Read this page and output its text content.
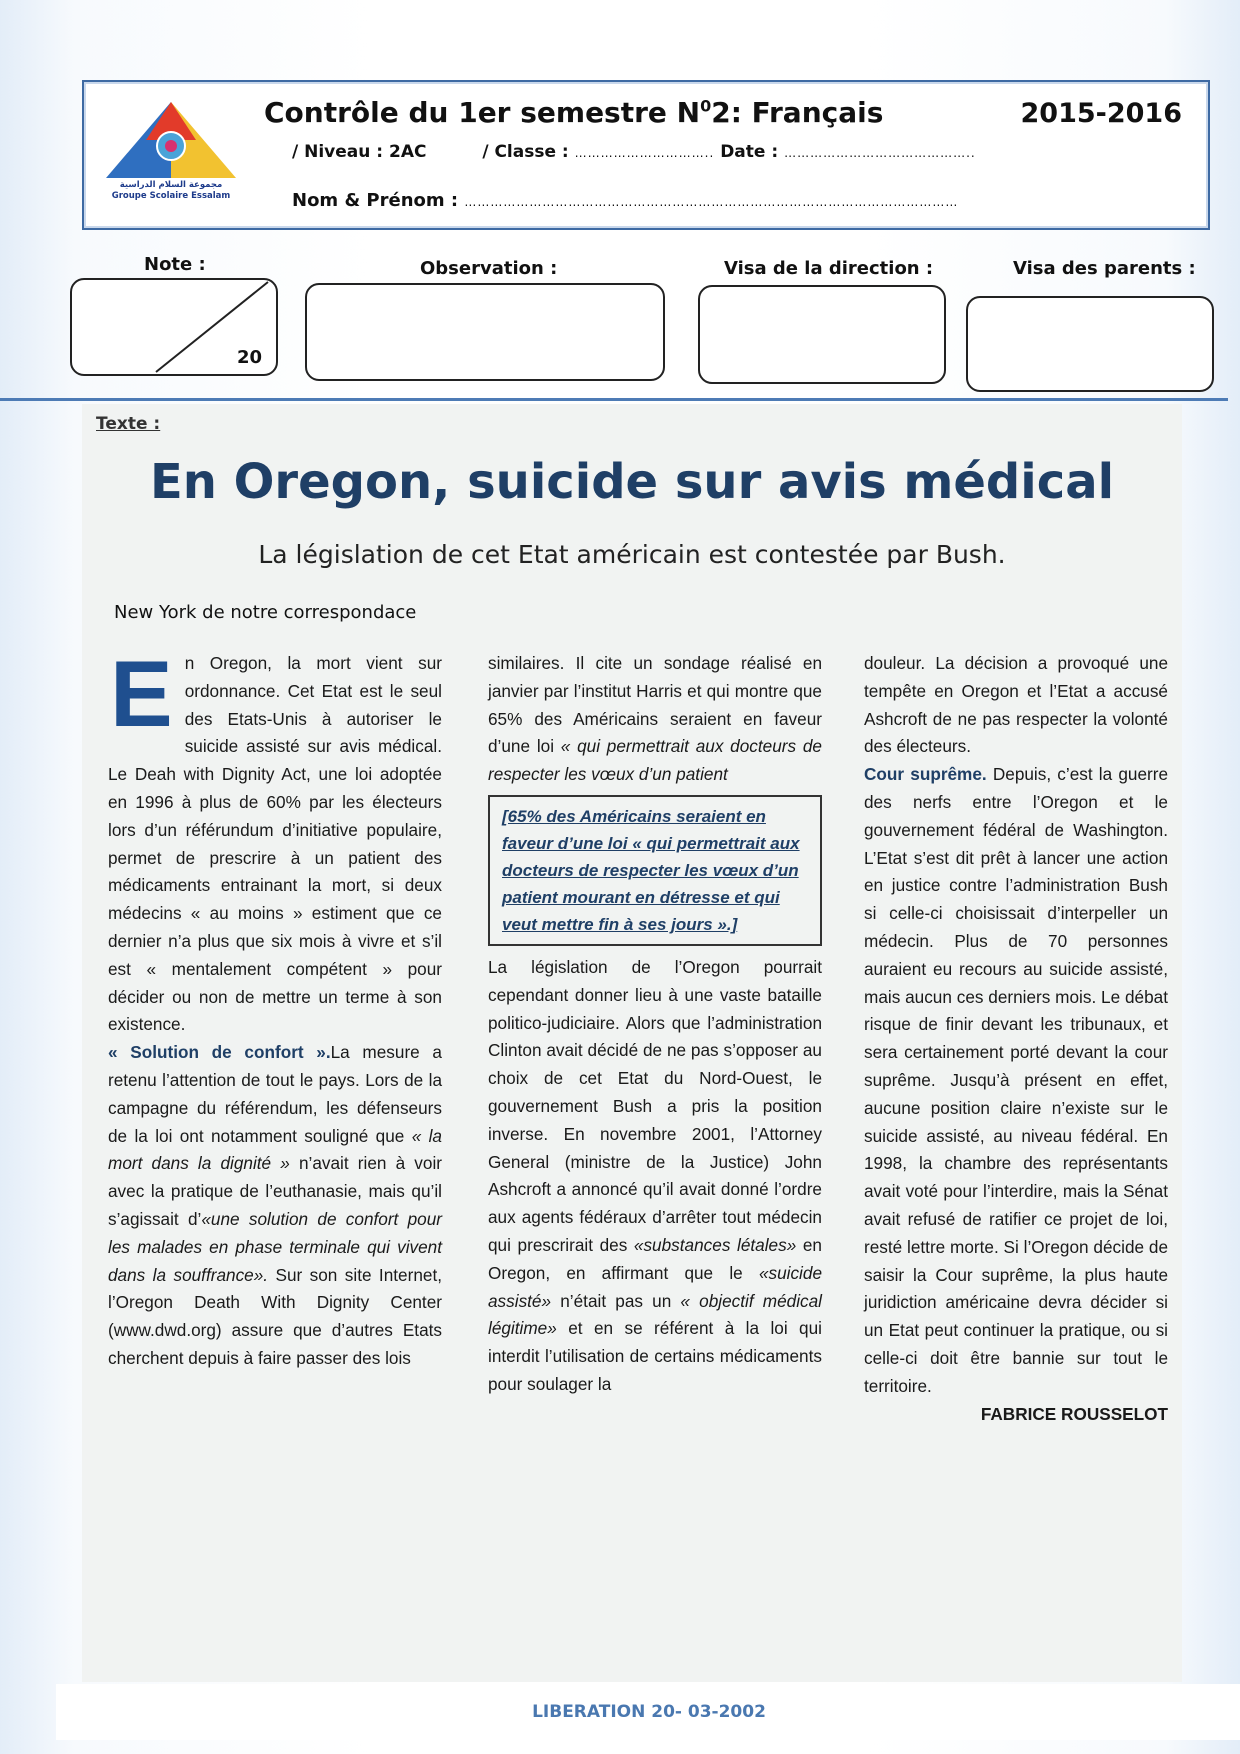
مجموعة السلام الدراسية Groupe Scolaire Essalam
Contrôle du 1er semestre $N^02$: Français	2015-2016
/ Niveau : 2AC	/ Classe : ………………………….. Date : ……………………………………..
Nom & Prénom : ……………………………………………………………………………………………………
Note :
20
Observation :	Visa de la direction :	Visa des parents :
Texte :
En Oregon, suicide sur avis médical
La législation de cet Etat américain est contestée par Bush.
New York de notre correspondace
En Oregon, la mort vient sur ordonnance. Cet Etat est le seul des Etats-Unis à autoriser le suicide assisté sur avis médical. Le Deah with Dignity Act, une loi adoptée en 1996 à plus de 60% par les électeurs lors d’un référundum d’initiative populaire, permet de prescrire à un patient des médicaments entrainant la mort, si deux médecins « au moins » estiment que ce dernier n’a plus que six mois à vivre et s’il est « mentalement compétent » pour décider ou non de mettre un terme à son existence.
« Solution de confort ».La mesure a retenu l’attention de tout le pays. Lors de la campagne du référendum, les défenseurs de la loi ont notamment souligné que « la mort dans la dignité » n’avait rien à voir avec la pratique de l’euthanasie, mais qu’il s’agissait d’«une solution de confort pour les malades en phase terminale qui vivent dans la souffrance». Sur son site Internet, l’Oregon Death With Dignity Center (www.dwd.org) assure que d’autres Etats cherchent depuis à faire passer des lois
similaires. Il cite un sondage réalisé en janvier par l’institut Harris et qui montre que 65% des Américains seraient en faveur d’une loi « qui permettrait aux docteurs de respecter les vœux d’un patient
[65% des Américains seraient en faveur d’une loi « qui permettrait aux docteurs de respecter les vœux d’un patient mourant en détresse et qui veut mettre fin à ses jours ».]
La législation de l’Oregon pourrait cependant donner lieu à une vaste bataille politico-judiciaire. Alors que l’administration Clinton avait décidé de ne pas s’opposer au choix de cet Etat du Nord-Ouest, le gouvernement Bush a pris la position inverse. En novembre 2001, l’Attorney General (ministre de la Justice) John Ashcroft a annoncé qu’il avait donné l’ordre aux agents fédéraux d’arrêter tout médecin qui prescrirait des «substances létales» en Oregon, en affirmant que le «suicide assisté» n’était pas un « objectif médical légitime» et en se référent à la loi qui interdit l’utilisation de certains médicaments pour soulager la
douleur. La décision a provoqué une tempête en Oregon et l’Etat a accusé Ashcroft de ne pas respecter la volonté des électeurs.
Cour suprême. Depuis, c’est la guerre des nerfs entre l’Oregon et le gouvernement fédéral de Washington. L’Etat s’est dit prêt à lancer une action en justice contre l’administration Bush si celle-ci choisissait d’interpeller un médecin. Plus de 70 personnes auraient eu recours au suicide assisté, mais aucun ces derniers mois. Le débat risque de finir devant les tribunaux, et sera certainement porté devant la cour suprême. Jusqu’à présent en effet, aucune position claire n’existe sur le suicide assisté, au niveau fédéral. En 1998, la chambre des représentants avait voté pour l’interdire, mais la Sénat avait refusé de ratifier ce projet de loi, resté lettre morte. Si l’Oregon décide de saisir la Cour suprême, la plus haute juridiction américaine devra décider si un Etat peut continuer la pratique, ou si celle-ci doit être bannie sur tout le territoire.
FABRICE ROUSSELOT
LIBERATION 20- 03-2002
